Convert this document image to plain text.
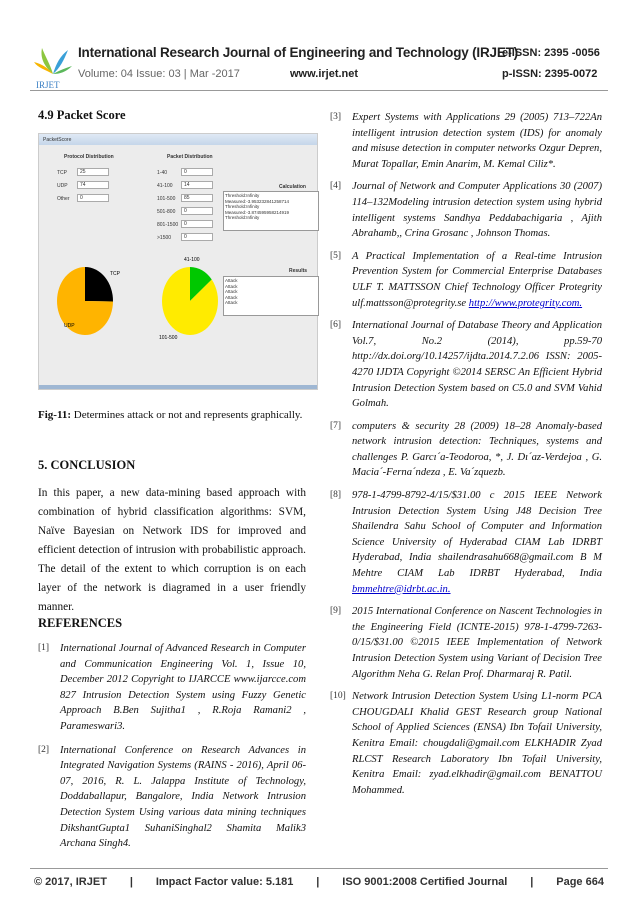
IRJET
International Research Journal of Engineering and Technology (IRJET)
Volume: 04 Issue: 03 | Mar -2017	www.irjet.net
e-ISSN: 2395 -0056
p-ISSN: 2395-0072
4.9 Packet Score
PacketScore
Protocol Distribution	Packet Distribution
TCP	25
UDP	74
Other	0
1-40	0
41-100	14
101-500	85
501-800	0
801-1500	0
>1500	0
Calculation
Threshold:Infinity
Measured:-3.953232841258714
Threshold:Infinity
Measured:-3.874595958214919
Threshold:Infinity
Results
Attack
Attack
Attack
Attack
Attack
TCP
UDP
41-100
101-500
Fig-11: Determines attack or not and represents graphically.
5. CONCLUSION
In this paper, a new data-mining based approach with combination of hybrid classification algorithms: SVM, Naïve Bayesian on Network IDS for improved and efficient detection of intrusion with probabilistic approach. The detail of the extent to which corruption is on each layer of the network is diagramed in a user friendly manner.
REFERENCES
[1]	International Journal of Advanced Research in Computer and Communication Engineering Vol. 1, Issue 10, December 2012 Copyright to IJARCCE www.ijarcce.com 827 Intrusion Detection System using Fuzzy Genetic Approach B.Ben Sujitha1 , R.Roja Ramani2 , Parameswari3.
[2]	International Conference on Research Advances in Integrated Navigation Systems (RAINS - 2016), April 06-07, 2016, R. L. Jalappa Institute of Technology, Doddaballapur, Bangalore, India Network Intrusion Detection System Using various data mining techniques DikshantGupta1 SuhaniSinghal2 Shamita Malik3 Archana Singh4.
[3]	Expert Systems with Applications 29 (2005) 713–722An intelligent intrusion detection system (IDS) for anomaly and misuse detection in computer networks Ozgur Depren, Murat Topallar, Emin Anarim, M. Kemal Ciliz*.
[4]	Journal of Network and Computer Applications 30 (2007) 114–132Modeling intrusion detection system using hybrid intelligent systems Sandhya Peddabachigaria , Ajith Abrahamb,, Crina Grosanc , Johnson Thomas.
[5]	A Practical Implementation of a Real-time Intrusion Prevention System for Commercial Enterprise Databases ULF T. MATTSSON Chief Technology Officer Protegrity ulf.mattsson@protegrity.se http://www.protegrity.com.
[6]	International Journal of Database Theory and Application Vol.7, No.2 (2014), pp.59-70 http://dx.doi.org/10.14257/ijdta.2014.7.2.06 ISSN: 2005-4270 IJDTA Copyright ©2014 SERSC An Efficient Hybrid Intrusion Detection System based on C5.0 and SVM Vahid Golmah.
[7]	computers & security 28 (2009) 18–28 Anomaly-based network intrusion detection: Techniques, systems and challenges P. Garcı´a-Teodoroa, *, J. Dı´az-Verdejoa , G. Macia´-Ferna´ndeza , E. Va´zquezb.
[8]	978-1-4799-8792-4/15/$31.00 c 2015 IEEE Network Intrusion Detection System Using J48 Decision Tree Shailendra Sahu School of Computer and Information Science University of Hyderabad CIAM Lab IDRBT Hyderabad, India shailendrasahu668@gmail.com B M Mehtre CIAM Lab IDRBT Hyderabad, India bmmehtre@idrbt.ac.in.
[9]	2015 International Conference on Nascent Technologies in the Engineering Field (ICNTE-2015) 978-1-4799-7263-0/15/$31.00 ©2015 IEEE Implementation of Network Intrusion Detection System using Variant of Decision Tree Algorithm Neha G. Relan Prof. Dharmaraj R. Patil.
[10] Network Intrusion Detection System Using L1-norm PCA CHOUGDALI Khalid GEST Research group National School of Applied Sciences (ENSA) Ibn Tofail University, Kenitra Email: chougdali@gmail.com ELKHADIR Zyad RLCST Research Laboratory Ibn Tofail University, Kenitra Email: zyad.elkhadir@gmail.com BENATTOU Mohammed.
© 2017, IRJET | Impact Factor value: 5.181 | ISO 9001:2008 Certified Journal | Page 664
